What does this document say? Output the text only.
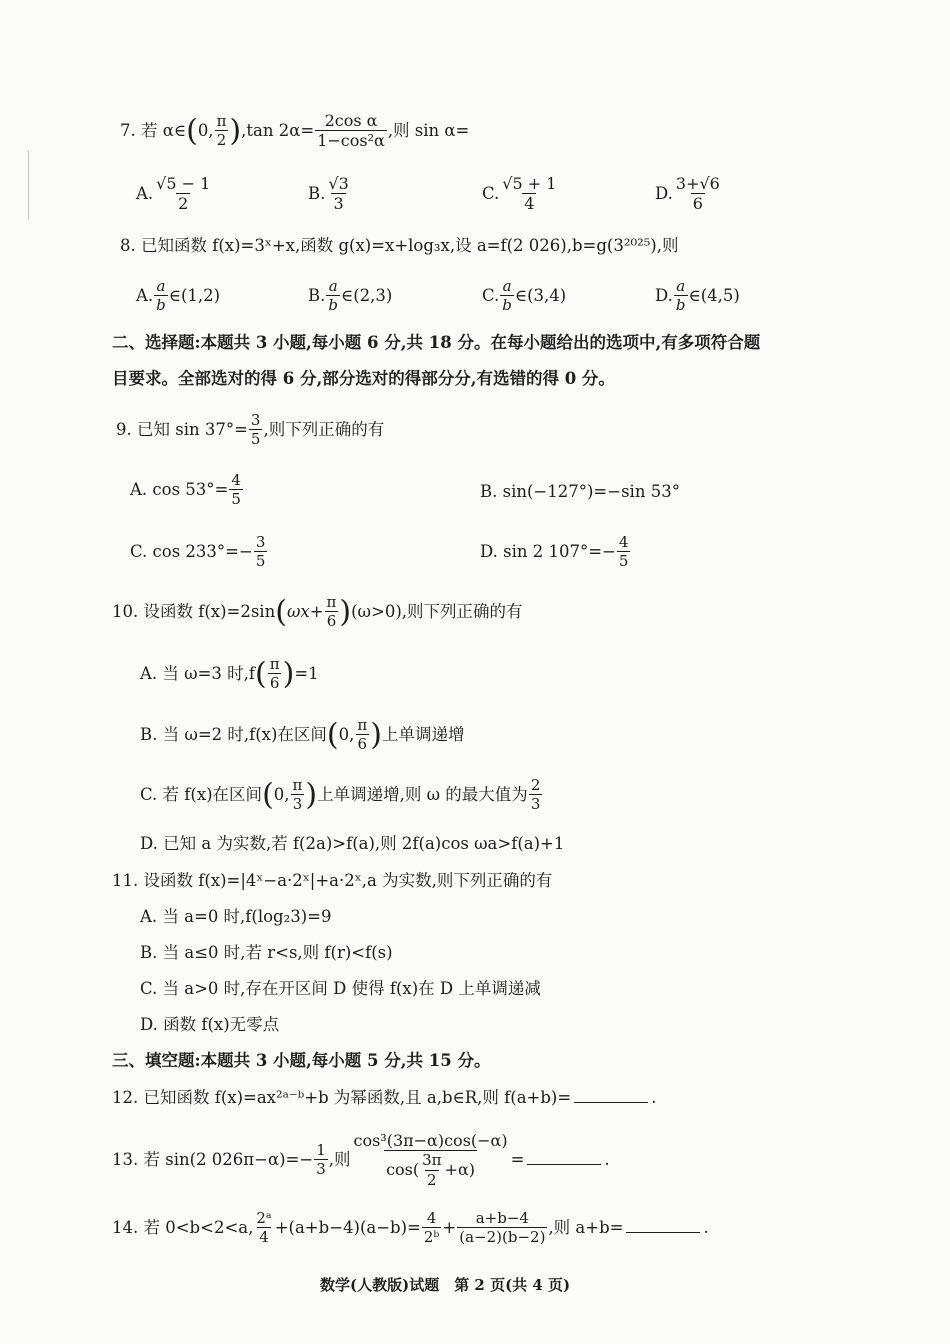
7. 若 α∈(0, $\frac{\pi}{2} ),\tan$ $2\alpha= \frac{\text{2cos α}}{\text{1−cos²α}}$ ,则 sin α=
A. $\frac{√5 - 1}{2}$	B. $\frac{√3}{3}$	C. $\frac{√5 + 1}{4}$	D. $\frac{3+√6}{6}$
8. 已知函数 f(x)=3ˣ+x,函数 g(x)=x+log₃x,设 a=f(2 026),b=g(3²⁰²⁵),则
A. $\frac{a}{b}$ ∈(1,2)	B. $\frac{a}{b}$ ∈(2,3)	C. $\frac{a}{b}$ ∈(3,4)	D. $\frac{a}{b}$ ∈(4,5)
二、选择题:本题共 3 小题,每小题 6 分,共 18 分。在每小题给出的选项中,有多项符合题
目要求。全部选对的得 6 分,部分选对的得部分分,有选错的得 0 分。
9. 已知 $\sin 37^\circ= \frac{3}{5}$ ,则下列正确的有
A. $\cos 53^\circ= \frac{4}{5}$	B. sin(−127°)=−sin 53°
C. $\cos 233^\circ=- \frac{3}{5}$	D. sin 2 $107^\circ=- \frac{4}{5}$
10. 设函数 $f(x)=2\sin(\omega x+ \frac{\pi}{6} )(\omega>0)$,则下列正确的有
A. 当 ω=3 时$,f( \frac{\pi}{6} )=1$
B. 当 ω=2 时,f(x)在区间(0, $\frac{\pi}{6}$ )上单调递增
C. 若 f(x)在区间(0, $\frac{\pi}{3}$ )上单调递增,则 ω 的最大值为 $\frac{2}{3}$
D. 已知 a 为实数,若 f(2a)>f(a),则 2f(a)cos ωa>f(a)+1
11. 设函数 f(x)=|4ˣ−a·2ˣ|+a·2ˣ,a 为实数,则下列正确的有
A. 当 a=0 时,f(log₂3)=9
B. 当 a≤0 时,若 r<s,则 f(r)<f(s)
C. 当 a>0 时,存在开区间 D 使得 f(x)在 D 上单调递减
D. 函数 f(x)无零点
三、填空题:本题共 3 小题,每小题 5 分,共 15 分。
12. 已知函数 f(x)=ax²ᵃ⁻ᵇ+b 为幂函数,且 a,b∈R,则 f(a+b)=	.
13. 若 sin(2 $026\pi-\alpha)=- \frac{1}{3}$ ,则 $\frac{\text{cos³(3π−α)cos(−α)}}{\cos( \frac{3\pi}{2} +\alpha)}$ =	.
14. 若 0<b<2<a, $\frac{\text{2ᵃ}}{4} +(a+b-4)(a-b)= \frac{4}{\text{2ᵇ}} + \frac{a+b-4}{(a-2)(b-2)}$ ,则 a+b=	.
数学(人教版)试题　第 2 页(共 4 页)
